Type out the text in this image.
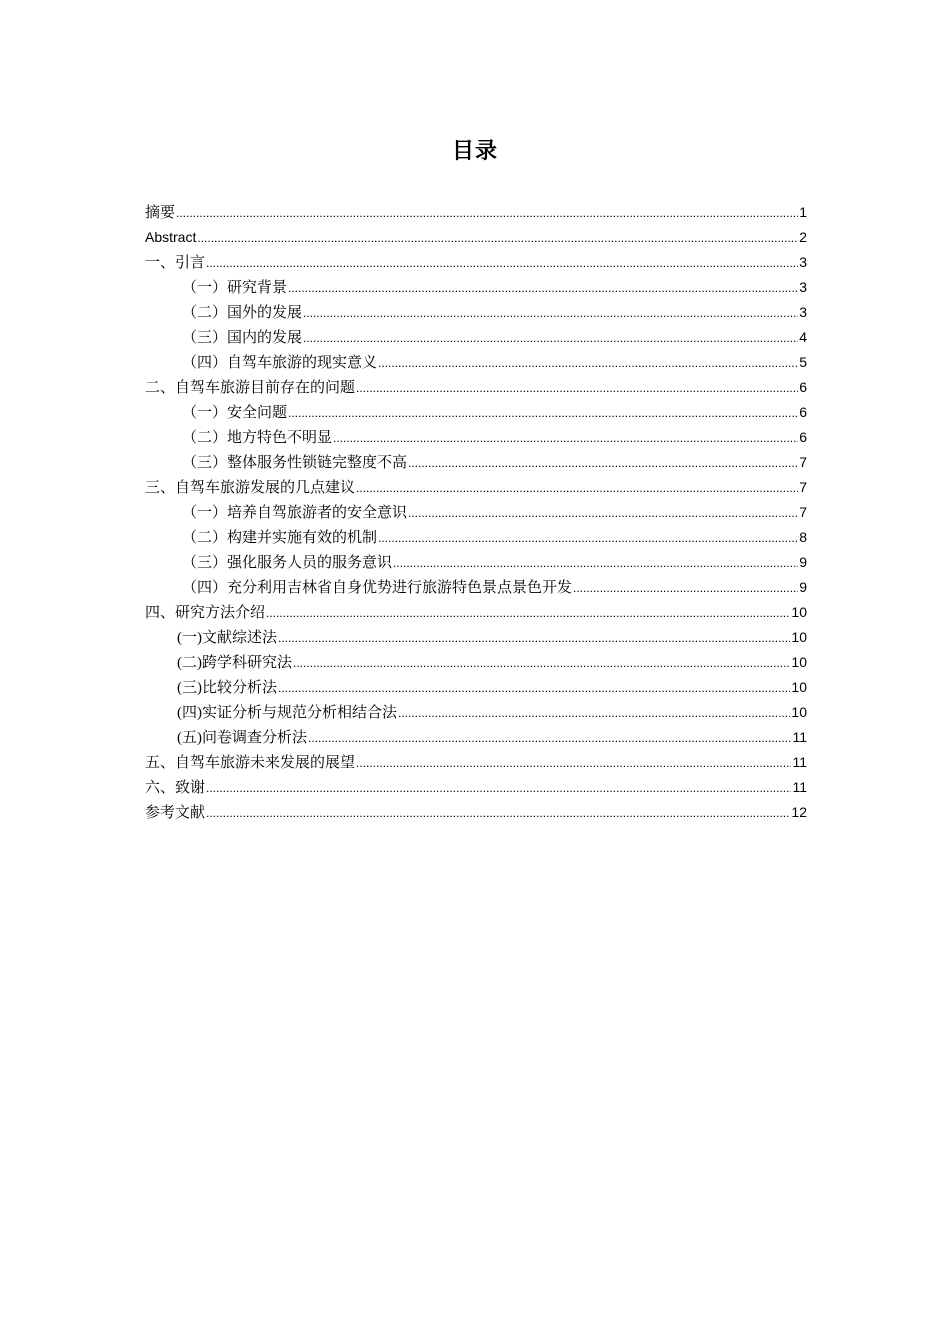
目录
摘要 .....	1
Abstract .....	2
一、引言 .....	3
（一）研究背景 .....	3
（二）国外的发展 .....	3
（三）国内的发展 .....	4
（四）自驾车旅游的现实意义 .....	5
二、自驾车旅游目前存在的问题 .....	6
（一）安全问题 .....	6
（二）地方特色不明显 .....	6
（三）整体服务性锁链完整度不高 .....	7
三、自驾车旅游发展的几点建议 .....	7
（一）培养自驾旅游者的安全意识 .....	7
（二）构建并实施有效的机制 .....	8
（三）强化服务人员的服务意识 .....	9
（四）充分利用吉林省自身优势进行旅游特色景点景色开发 .....	9
四、研究方法介绍 .....	10
(一)文献综述法 .....	10
(二)跨学科研究法 .....	10
(三)比较分析法 .....	10
(四)实证分析与规范分析相结合法 .....	10
(五)问卷调查分析法 .....	11
五、自驾车旅游未来发展的展望 .....	11
六、致谢 .....	11
参考文献 .....	12
